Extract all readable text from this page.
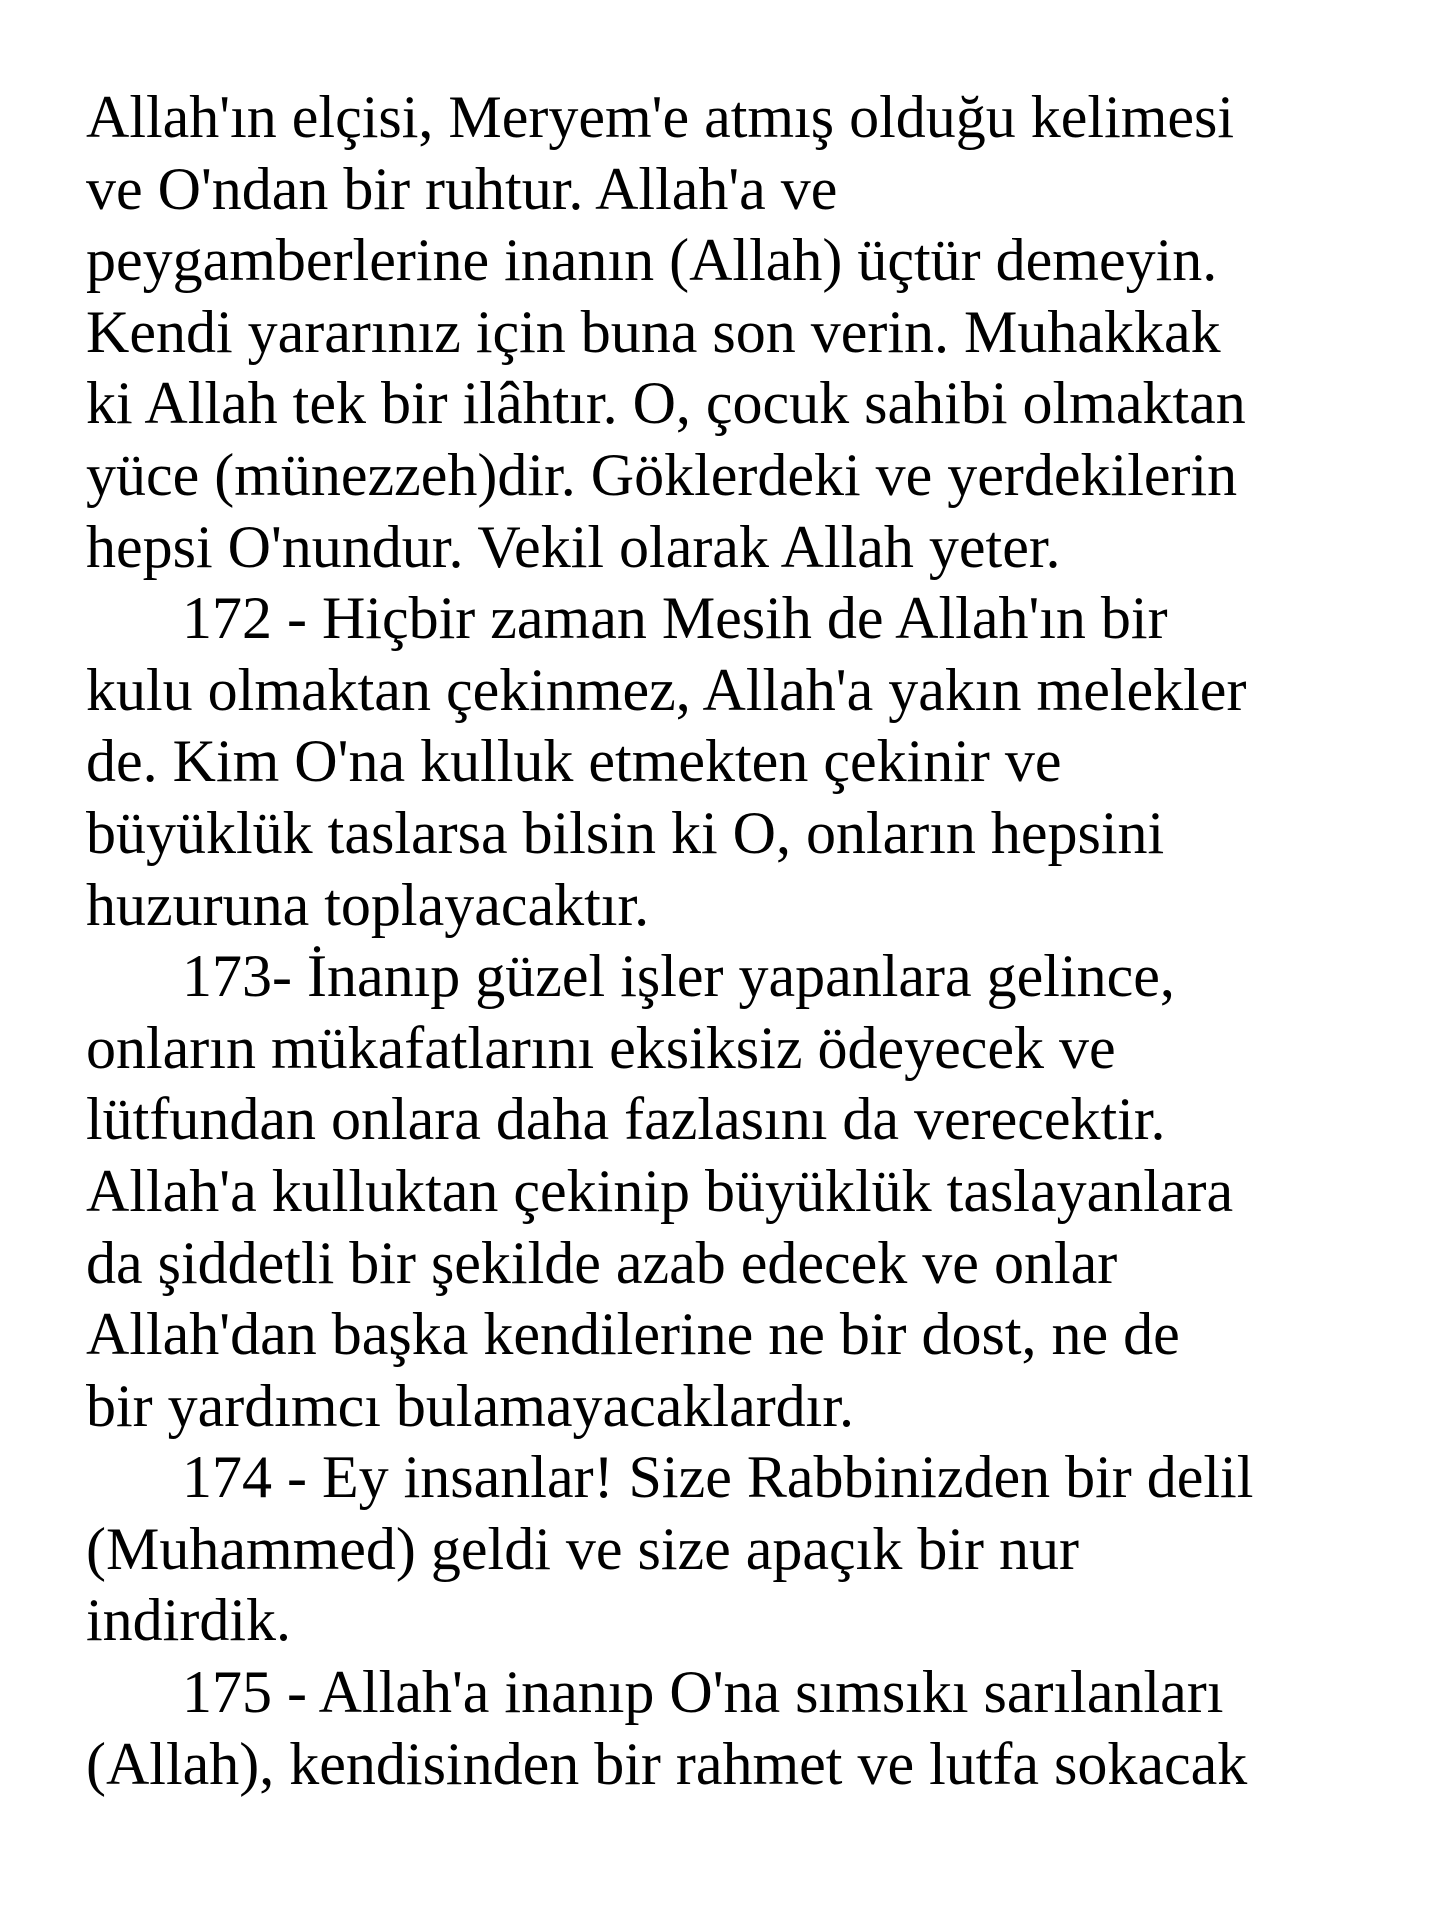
Allah'ın elçisi, Meryem'e atmış olduğu kelimesi
ve O'ndan bir ruhtur. Allah'a ve
peygamberlerine inanın (Allah) üçtür demeyin.
Kendi yararınız için buna son verin. Muhakkak
ki Allah tek bir ilâhtır. O, çocuk sahibi olmaktan
yüce (münezzeh)dir. Göklerdeki ve yerdekilerin
hepsi O'nundur. Vekil olarak Allah yeter.
172 - Hiçbir zaman Mesih de Allah'ın bir
kulu olmaktan çekinmez, Allah'a yakın melekler
de. Kim O'na kulluk etmekten çekinir ve
büyüklük taslarsa bilsin ki O, onların hepsini
huzuruna toplayacaktır.
173- İnanıp güzel işler yapanlara gelince,
onların mükafatlarını eksiksiz ödeyecek ve
lütfundan onlara daha fazlasını da verecektir.
Allah'a kulluktan çekinip büyüklük taslayanlara
da şiddetli bir şekilde azab edecek ve onlar
Allah'dan başka kendilerine ne bir dost, ne de
bir yardımcı bulamayacaklardır.
174 - Ey insanlar! Size Rabbinizden bir delil
(Muhammed) geldi ve size apaçık bir nur
indirdik.
175 - Allah'a inanıp O'na sımsıkı sarılanları
(Allah), kendisinden bir rahmet ve lutfa sokacak
